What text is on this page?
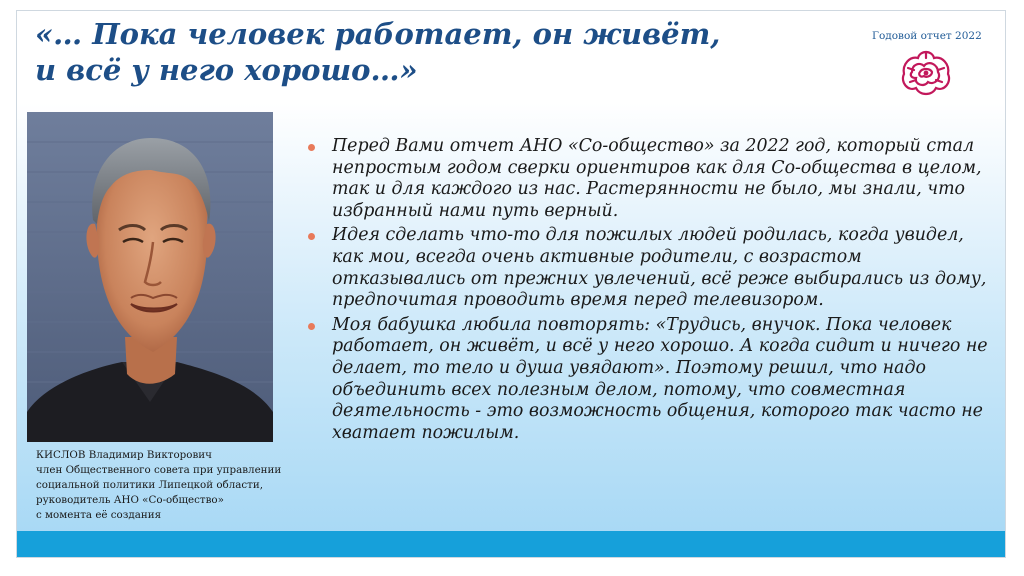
«… Пока человек работает, он живёт,
и всё у него хорошо…»
Годовой отчет 2022
КИСЛОВ Владимир Викторович
член Общественного совета при управлении
социальной политики Липецкой области,
руководитель АНО «Со-общество»
с момента её создания
Перед Вами отчет АНО «Со-общество» за 2022 год, который стал непростым годом сверки ориентиров как для Со-общества в целом, так и для каждого из нас. Растерянности не было, мы знали, что избранный нами путь верный.
Идея сделать что-то для пожилых людей родилась, когда увидел, как мои, всегда очень активные родители, с возрастом отказывались от прежних увлечений, всё реже выбирались из дому, предпочитая проводить время перед телевизором.
Моя бабушка любила повторять: «Трудись, внучок. Пока человек работает, он живёт, и всё у него хорошо. А когда сидит и ничего не делает, то тело и душа увядают». Поэтому решил, что надо объединить всех полезным делом, потому, что совместная деятельность - это возможность общения, которого так часто не хватает пожилым.
